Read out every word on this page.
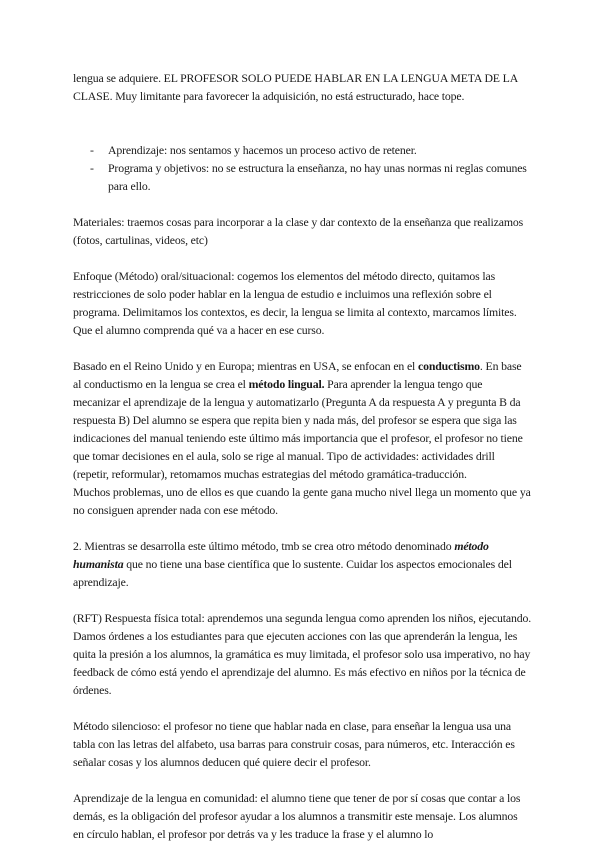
lengua se adquiere. EL PROFESOR SOLO PUEDE HABLAR EN LA LENGUA META DE LA CLASE. Muy limitante para favorecer la adquisición, no está estructurado, hace tope.

- Aprendizaje: nos sentamos y hacemos un proceso activo de retener.
- Programa y objetivos: no se estructura la enseñanza, no hay unas normas ni reglas comunes para ello.

Materiales: traemos cosas para incorporar a la clase y dar contexto de la enseñanza que realizamos (fotos, cartulinas, videos, etc)

Enfoque (Método) oral/situacional: cogemos los elementos del método directo, quitamos las restricciones de solo poder hablar en la lengua de estudio e incluimos una reflexión sobre el programa. Delimitamos los contextos, es decir, la lengua se limita al contexto, marcamos límites. Que el alumno comprenda qué va a hacer en ese curso.

Basado en el Reino Unido y en Europa; mientras en USA, se enfocan en el conductismo. En base al conductismo en la lengua se crea el método lingual. Para aprender la lengua tengo que mecanizar el aprendizaje de la lengua y automatizarlo (Pregunta A da respuesta A y pregunta B da respuesta B) Del alumno se espera que repita bien y nada más, del profesor se espera que siga las indicaciones del manual teniendo este último más importancia que el profesor, el profesor no tiene que tomar decisiones en el aula, solo se rige al manual. Tipo de actividades: actividades drill (repetir, reformular), retomamos muchas estrategias del método gramática-traducción.

Muchos problemas, uno de ellos es que cuando la gente gana mucho nivel llega un momento que ya no consiguen aprender nada con ese método.

2. Mientras se desarrolla este último método, tmb se crea otro método denominado método humanista que no tiene una base científica que lo sustente. Cuidar los aspectos emocionales del aprendizaje.

(RFT) Respuesta física total: aprendemos una segunda lengua como aprenden los niños, ejecutando. Damos órdenes a los estudiantes para que ejecuten acciones con las que aprenderán la lengua, les quita la presión a los alumnos, la gramática es muy limitada, el profesor solo usa imperativo, no hay feedback de cómo está yendo el aprendizaje del alumno. Es más efectivo en niños por la técnica de órdenes.

Método silencioso: el profesor no tiene que hablar nada en clase, para enseñar la lengua usa una tabla con las letras del alfabeto, usa barras para construir cosas, para números, etc. Interacción es señalar cosas y los alumnos deducen qué quiere decir el profesor.

Aprendizaje de la lengua en comunidad: el alumno tiene que tener de por sí cosas que contar a los demás, es la obligación del profesor ayudar a los alumnos a transmitir este mensaje. Los alumnos en círculo hablan, el profesor por detrás va y les traduce la frase y el alumno lo
